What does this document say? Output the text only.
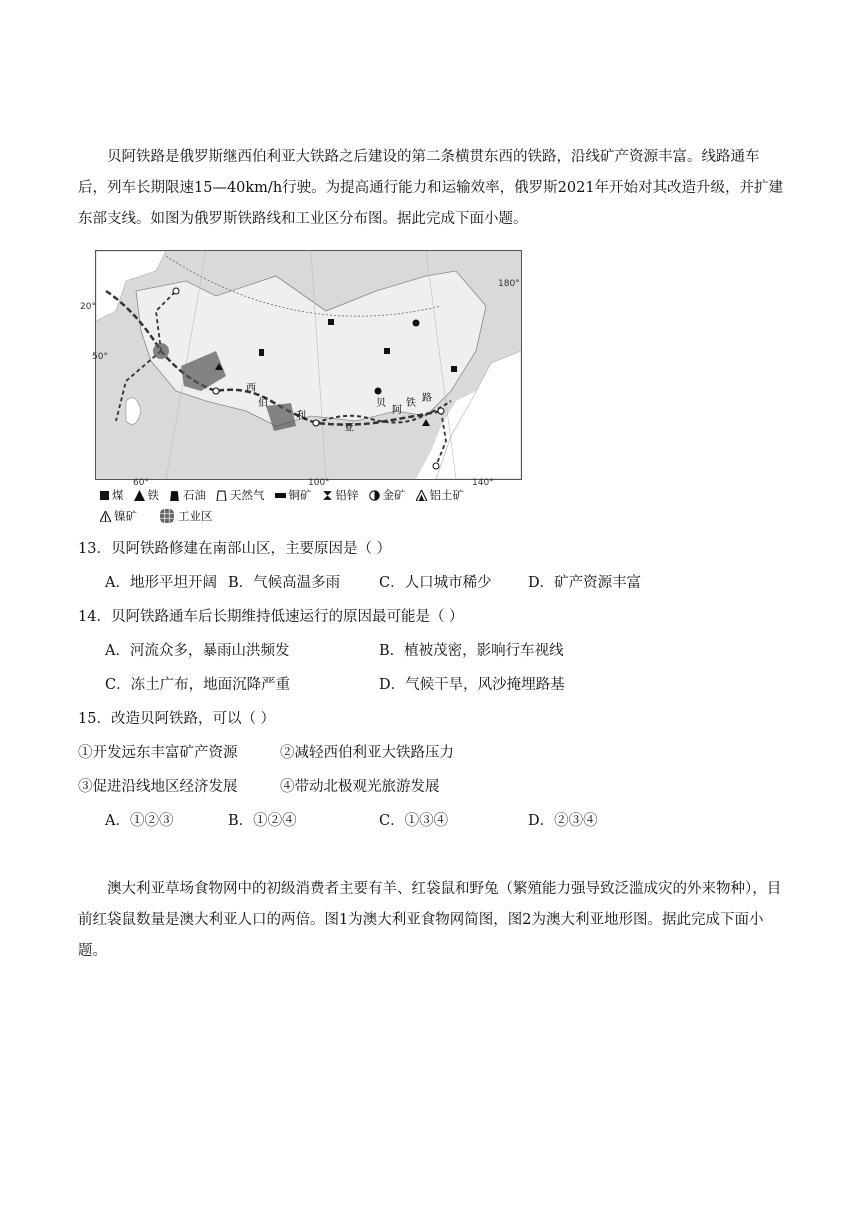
贝阿铁路是俄罗斯继西伯利亚大铁路之后建设的第二条横贯东西的铁路，沿线矿产资源丰富。线路通车后，列车长期限速15—40km/h行驶。为提高通行能力和运输效率，俄罗斯2021年开始对其改造升级，并扩建东部支线。如图为俄罗斯铁路线和工业区分布图。据此完成下面小题。
西
伯
利
亚
贝
阿
铁 路
20°
50°
180°
60°	100°	140°
煤 铁 石油 天然气 铜矿 铅锌 金矿 铝土矿
镍矿	工业区
13．贝阿铁路修建在南部山区，主要原因是（ ）
A．地形平坦开阔 B．气候高温多雨	C．人口城市稀少	D．矿产资源丰富
14．贝阿铁路通车后长期维持低速运行的原因最可能是（ ）
A．河流众多，暴雨山洪频发	B．植被茂密，影响行车视线
C．冻土广布，地面沉降严重	D．气候干旱，风沙掩埋路基
15．改造贝阿铁路，可以（ ）
①开发远东丰富矿产资源	②减轻西伯利亚大铁路压力
③促进沿线地区经济发展	④带动北极观光旅游发展
A．①②③	B．①②④	C．①③④	D．②③④
澳大利亚草场食物网中的初级消费者主要有羊、红袋鼠和野兔（繁殖能力强导致泛滥成灾的外来物种），目前红袋鼠数量是澳大利亚人口的两倍。图1为澳大利亚食物网简图，图2为澳大利亚地形图。据此完成下面小题。
